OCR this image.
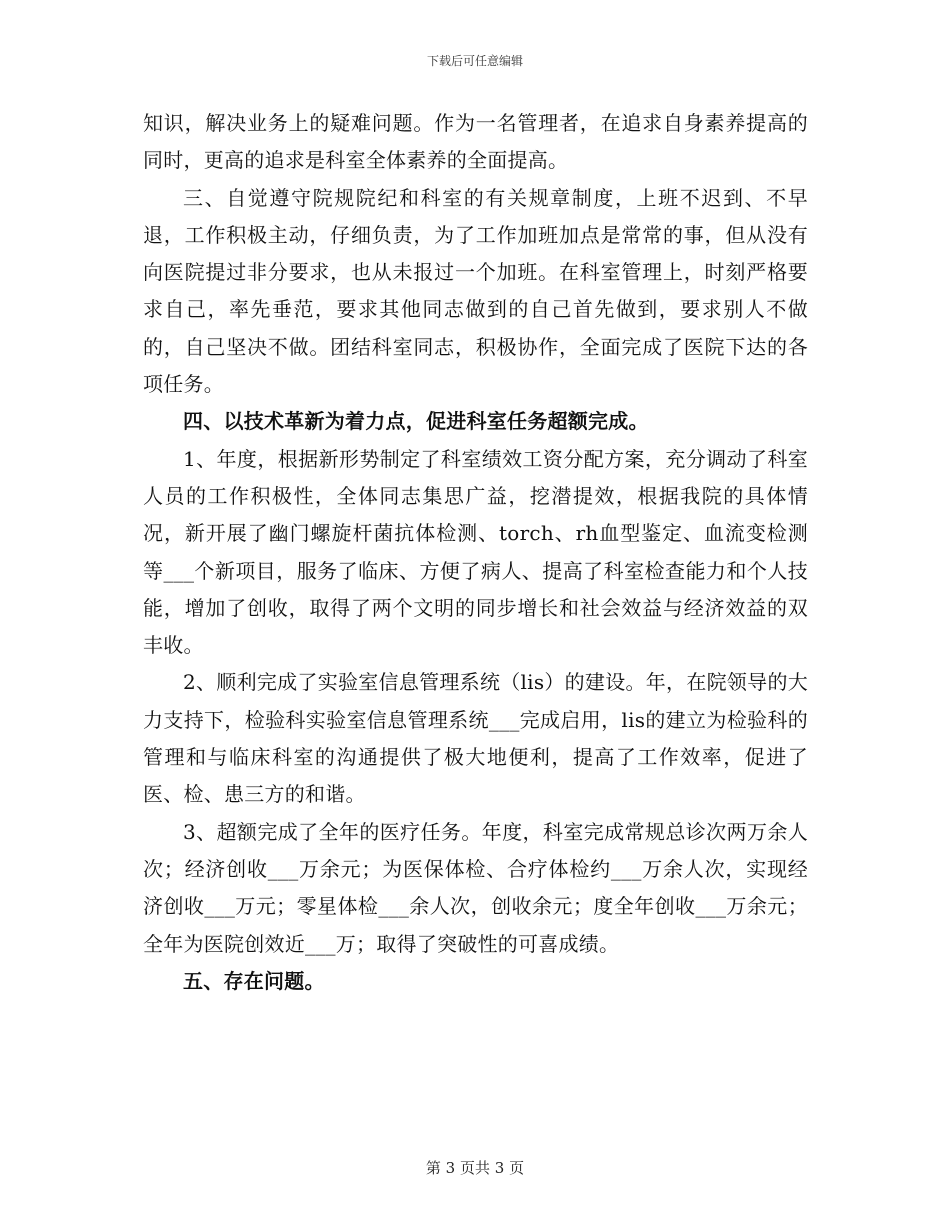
下载后可任意编辑

知识，解决业务上的疑难问题。作为一名管理者，在追求自身素养提高的同时，更高的追求是科室全体素养的全面提高。

三、自觉遵守院规院纪和科室的有关规章制度，上班不迟到、不早退，工作积极主动，仔细负责，为了工作加班加点是常常的事，但从没有向医院提过非分要求，也从未报过一个加班。在科室管理上，时刻严格要求自己，率先垂范，要求其他同志做到的自己首先做到，要求别人不做的，自己坚决不做。团结科室同志，积极协作，全面完成了医院下达的各项任务。

四、以技术革新为着力点，促进科室任务超额完成。

1、年度，根据新形势制定了科室绩效工资分配方案，充分调动了科室人员的工作积极性，全体同志集思广益，挖潜提效，根据我院的具体情况，新开展了幽门螺旋杆菌抗体检测、torch、rh血型鉴定、血流变检测等___个新项目，服务了临床、方便了病人、提高了科室检查能力和个人技能，增加了创收，取得了两个文明的同步增长和社会效益与经济效益的双丰收。

2、顺利完成了实验室信息管理系统（lis）的建设。年，在院领导的大力支持下，检验科实验室信息管理系统___完成启用，lis的建立为检验科的管理和与临床科室的沟通提供了极大地便利，提高了工作效率，促进了医、检、患三方的和谐。

3、超额完成了全年的医疗任务。年度，科室完成常规总诊次两万余人次；经济创收___万余元；为医保体检、合疗体检约___万余人次，实现经济创收___万元；零星体检___余人次，创收余元；度全年创收___万余元；全年为医院创效近___万；取得了突破性的可喜成绩。

五、存在问题。

第 3 页共 3 页
